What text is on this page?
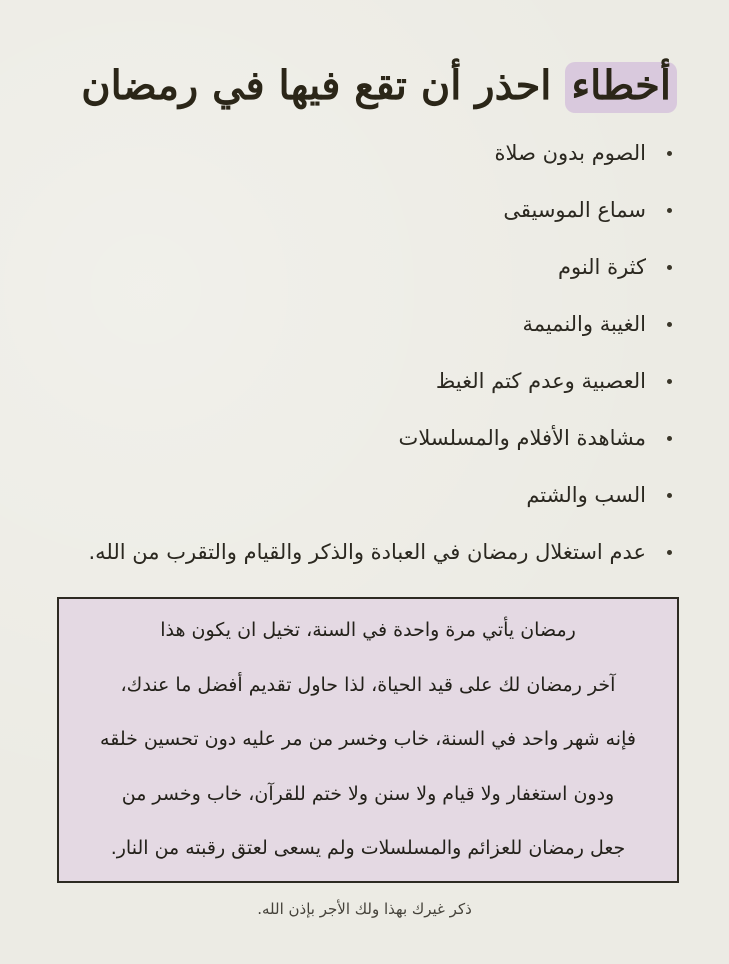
أخطاء احذر أن تقع فيها في رمضان
الصوم بدون صلاة
سماع الموسيقى
كثرة النوم
الغيبة والنميمة
العصبية وعدم كتم الغيظ
مشاهدة الأفلام والمسلسلات
السب والشتم
عدم استغلال رمضان في العبادة والذكر والقيام والتقرب من الله.

رمضان يأتي مرة واحدة في السنة، تخيل ان يكون هذا

آخر رمضان لك على قيد الحياة، لذا حاول تقديم أفضل ما عندك،

فإنه شهر واحد في السنة، خاب وخسر من مر عليه دون تحسين خلقه

ودون استغفار ولا قيام ولا سنن ولا ختم للقرآن، خاب وخسر من

جعل رمضان للعزائم والمسلسلات ولم يسعى لعتق رقبته من النار.

ذكر غيرك بهذا ولك الأجر بإذن الله.
